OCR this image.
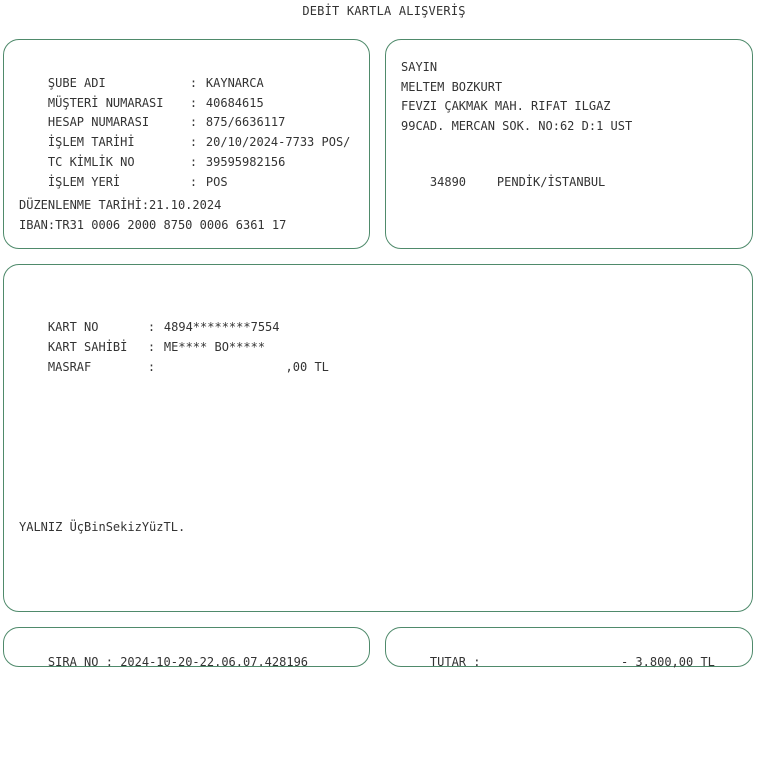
DEBİT KARTLA ALIŞVERİŞ

ŞUBE ADI	: KAYNARCA

MÜŞTERİ NUMARASI : 40684615

HESAP NUMARASI	: 875/6636117

İŞLEM TARİHİ	: 20/10/2024-7733 POS/

TC KİMLİK NO	: 39595982156

İŞLEM YERİ	: POS

DÜZENLENME TARİHİ:21.10.2024
IBAN:TR31 0006 2000 8750 0006 6361 17
SAYIN
MELTEM BOZKURT
FEVZI ÇAKMAK MAH. RIFAT ILGAZ
99CAD. MERCAN SOK. NO:62 D:1 UST

34890	PENDİK/İSTANBUL

KART NO	: 4894********7554

KART SAHİBİ : ME**** BO*****

MASRAF	:	,00 TL

YALNIZ ÜçBinSekizYüzTL.

SIRA NO : 2024-10-20-22.06.07.428196
	TUTAR :	- 3.800,00 TL
